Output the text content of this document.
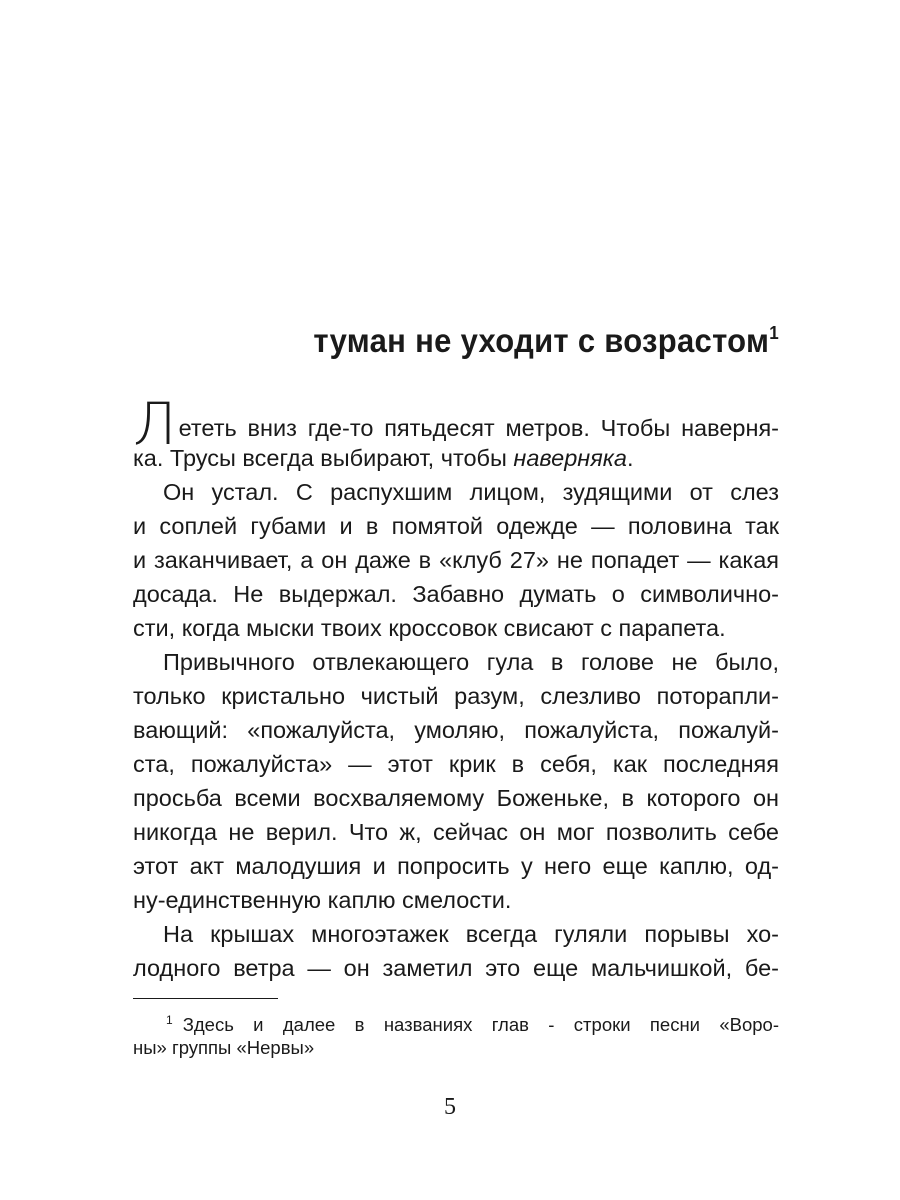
туман не уходит с возрастом$^1$
Лететь вниз где-то пятьдесят метров. Чтобы наверня-
ка. Трусы всегда выбирают, чтобы наверняка.
Он устал. С распухшим лицом, зудящими от слез
и соплей губами и в помятой одежде — половина так
и заканчивает, а он даже в «клуб 27» не попадет — какая
досада. Не выдержал. Забавно думать о символичнo-
сти, когда мыски твоих кроссовок свисают с парапета.
Привычного отвлекающего гула в голове не было,
только кристально чистый разум, слезливо поторапли-
вающий: «пожалуйста, умоляю, пожалуйста, пожалуй-
ста, пожалуйста» — этот крик в себя, как последняя
просьба всеми восхваляемому Боженьке, в которого он
никогда не верил. Что ж, сейчас он мог позволить себе
этот акт малодушия и попросить у него еще каплю, од-
ну-единственную каплю смелости.
На крышах многоэтажек всегда гуляли порывы хо-
лодного ветра — он заметил это еще мальчишкой, бе-
$^1$ Здесь и далее в названиях глав - строки песни «Воро-
ны» группы «Нервы»
5
